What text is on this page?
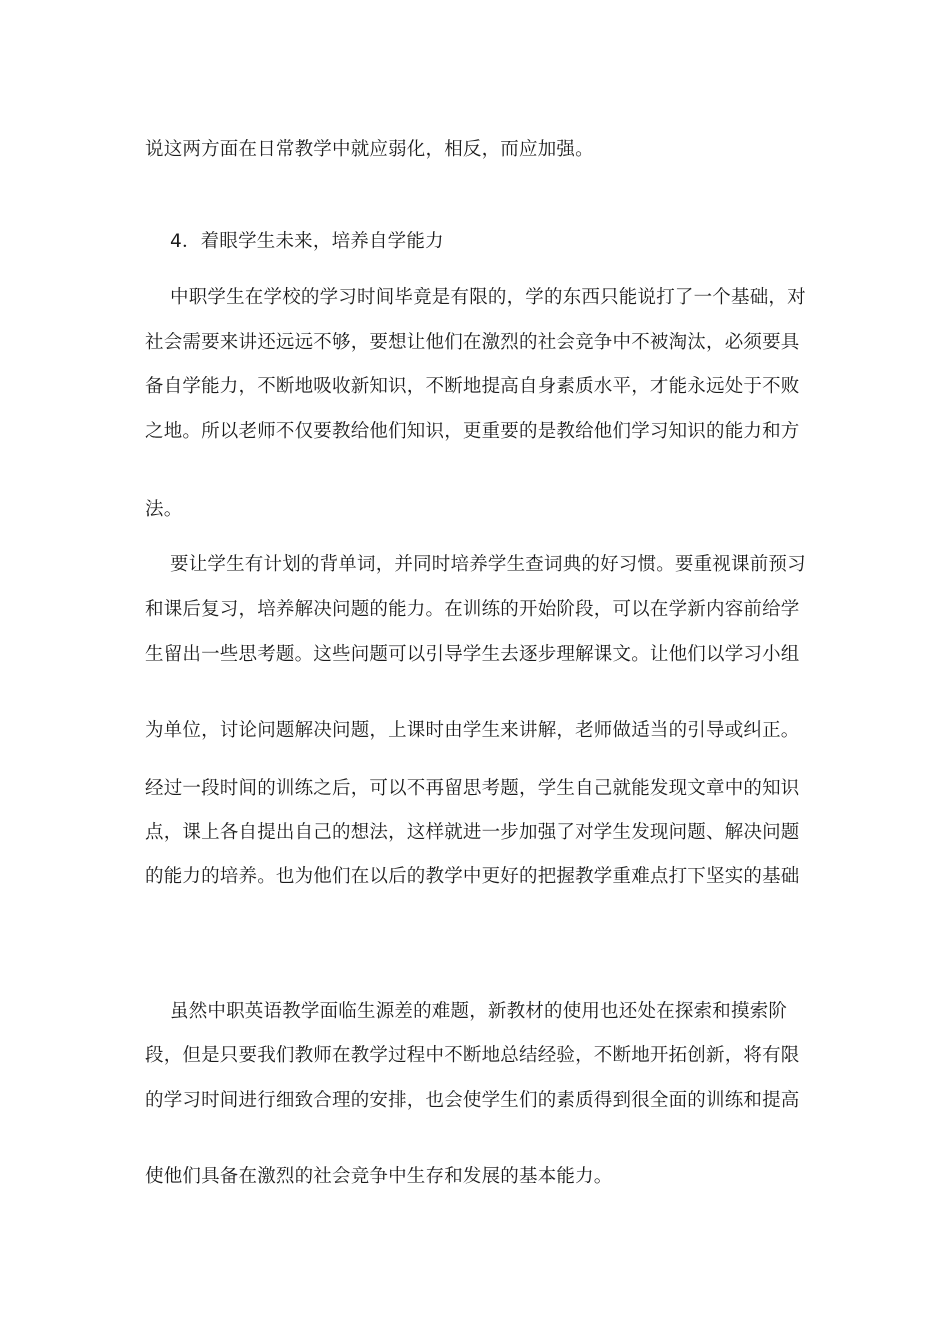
说这两方面在日常教学中就应弱化，相反，而应加强。
4．着眼学生未来，培养自学能力
中职学生在学校的学习时间毕竟是有限的，学的东西只能说打了一个基础，对
社会需要来讲还远远不够，要想让他们在激烈的社会竞争中不被淘汰，必须要具
备自学能力，不断地吸收新知识，不断地提高自身素质水平，才能永远处于不败
之地。所以老师不仅要教给他们知识，更重要的是教给他们学习知识的能力和方
法。
要让学生有计划的背单词，并同时培养学生查词典的好习惯。要重视课前预习
和课后复习，培养解决问题的能力。在训练的开始阶段，可以在学新内容前给学
生留出一些思考题。这些问题可以引导学生去逐步理解课文。让他们以学习小组
为单位，讨论问题解决问题，上课时由学生来讲解，老师做适当的引导或纠正。
经过一段时间的训练之后，可以不再留思考题，学生自己就能发现文章中的知识
点，课上各自提出自己的想法，这样就进一步加强了对学生发现问题、解决问题
的能力的培养。也为他们在以后的教学中更好的把握教学重难点打下坚实的基础
虽然中职英语教学面临生源差的难题，新教材的使用也还处在探索和摸索阶
段，但是只要我们教师在教学过程中不断地总结经验，不断地开拓创新，将有限
的学习时间进行细致合理的安排，也会使学生们的素质得到很全面的训练和提高
使他们具备在激烈的社会竞争中生存和发展的基本能力。
